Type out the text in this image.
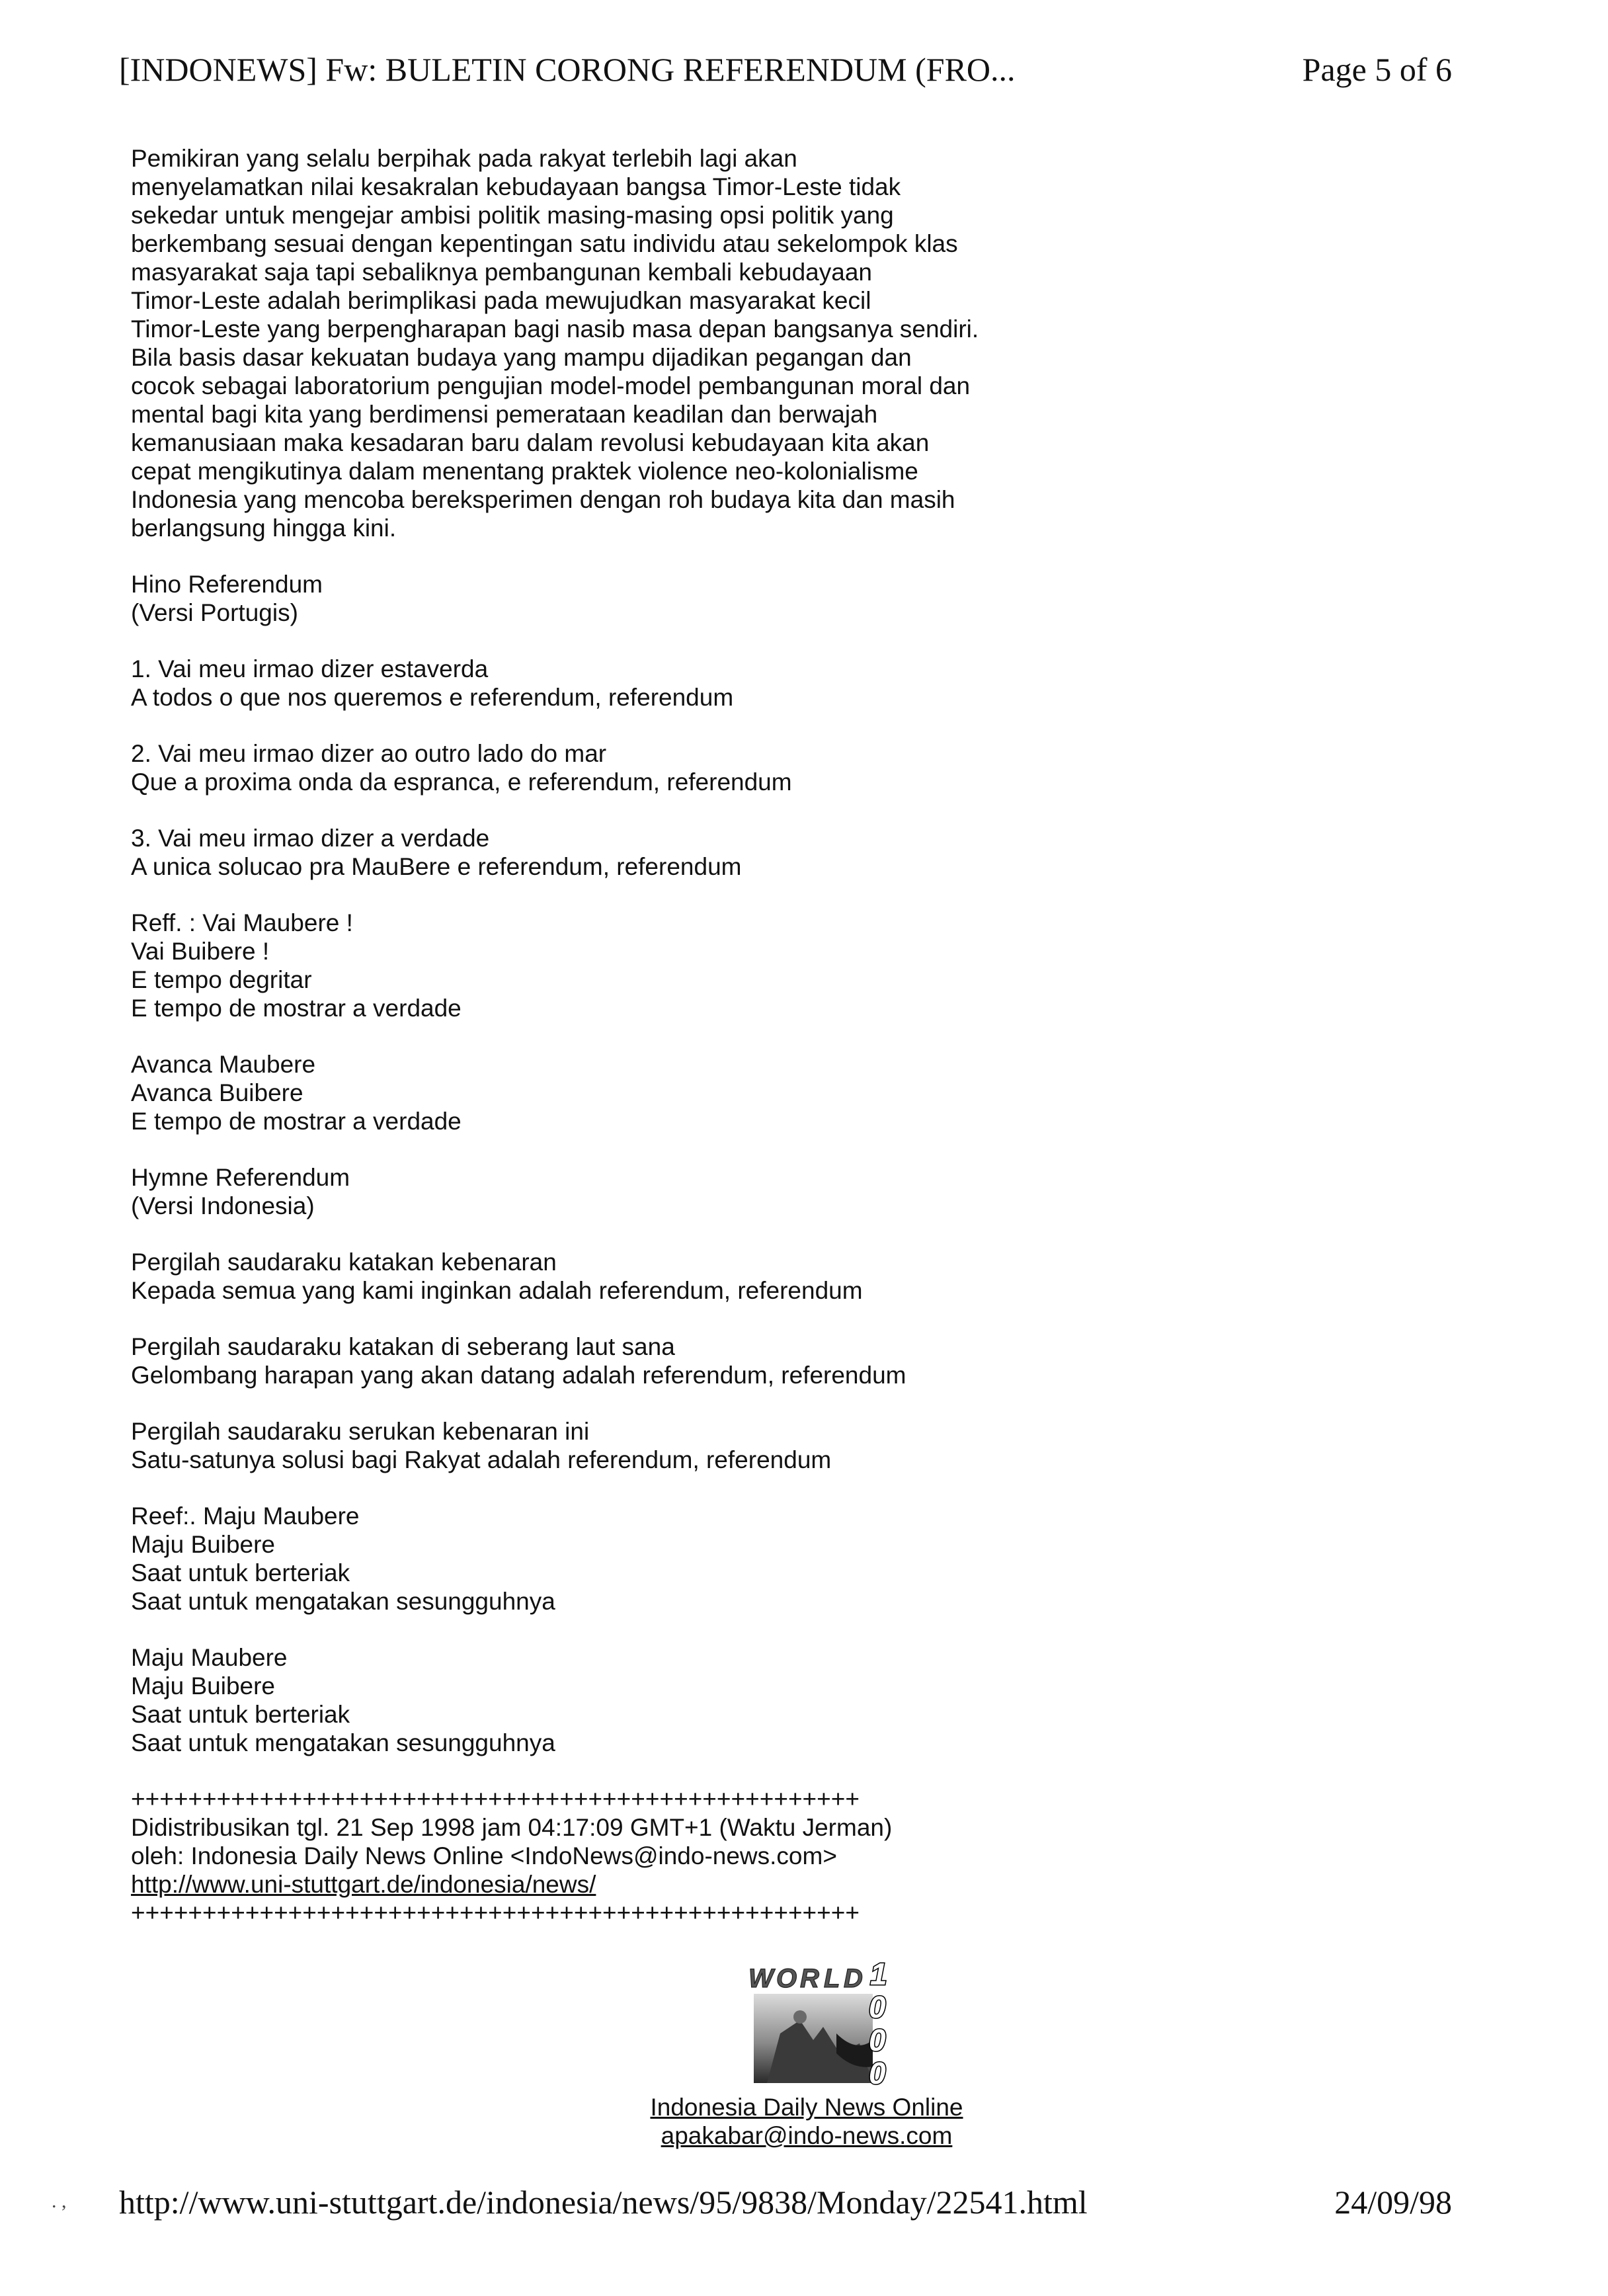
[INDONEWS] Fw: BULETIN CORONG REFERENDUM (FRO...	Page 5 of 6

Pemikiran yang selalu berpihak pada rakyat terlebih lagi akan
menyelamatkan nilai kesakralan kebudayaan bangsa Timor-Leste tidak
sekedar untuk mengejar ambisi politik masing-masing opsi politik yang
berkembang sesuai dengan kepentingan satu individu atau sekelompok klas
masyarakat saja tapi sebaliknya pembangunan kembali kebudayaan
Timor-Leste adalah berimplikasi pada mewujudkan masyarakat kecil
Timor-Leste yang berpengharapan bagi nasib masa depan bangsanya sendiri.
Bila basis dasar kekuatan budaya yang mampu dijadikan pegangan dan
cocok sebagai laboratorium pengujian model-model pembangunan moral dan
mental bagi kita yang berdimensi pemerataan keadilan dan berwajah
kemanusiaan maka kesadaran baru dalam revolusi kebudayaan kita akan
cepat mengikutinya dalam menentang praktek violence neo-kolonialisme
Indonesia yang mencoba bereksperimen dengan roh budaya kita dan masih
berlangsung hingga kini.

Hino Referendum
(Versi Portugis)

1. Vai meu irmao dizer estaverda
A todos o que nos queremos e referendum, referendum

2. Vai meu irmao dizer ao outro lado do mar
Que a proxima onda da espranca, e referendum, referendum

3. Vai meu irmao dizer a verdade
A unica solucao pra MauBere e referendum, referendum

Reff. : Vai Maubere !
Vai Buibere !
E tempo degritar
E tempo de mostrar a verdade

Avanca Maubere
Avanca Buibere
E tempo de mostrar a verdade

Hymne Referendum
(Versi Indonesia)

Pergilah saudaraku katakan kebenaran
Kepada semua yang kami inginkan adalah referendum, referendum

Pergilah saudaraku katakan di seberang laut sana
Gelombang harapan yang akan datang adalah referendum, referendum

Pergilah saudaraku serukan kebenaran ini
Satu-satunya solusi bagi Rakyat adalah referendum, referendum

Reef:. Maju Maubere
Maju Buibere
Saat untuk berteriak
Saat untuk mengatakan sesungguhnya

Maju Maubere
Maju Buibere
Saat untuk berteriak
Saat untuk mengatakan sesungguhnya

+++++++++++++++++++++++++++++++++++++++++++++++++++
Didistribusikan tgl. 21 Sep 1998 jam 04:17:09 GMT+1 (Waktu Jerman)
oleh: Indonesia Daily News Online <IndoNews@indo-news.com>
http://www.uni-stuttgart.de/indonesia/news/
+++++++++++++++++++++++++++++++++++++++++++++++++++
W O R L D 1
0
0
0
Indonesia Daily News Online
apakabar@indo-news.com
. , http://www.uni-stuttgart.de/indonesia/news/95/9838/Monday/22541.html	24/09/98
